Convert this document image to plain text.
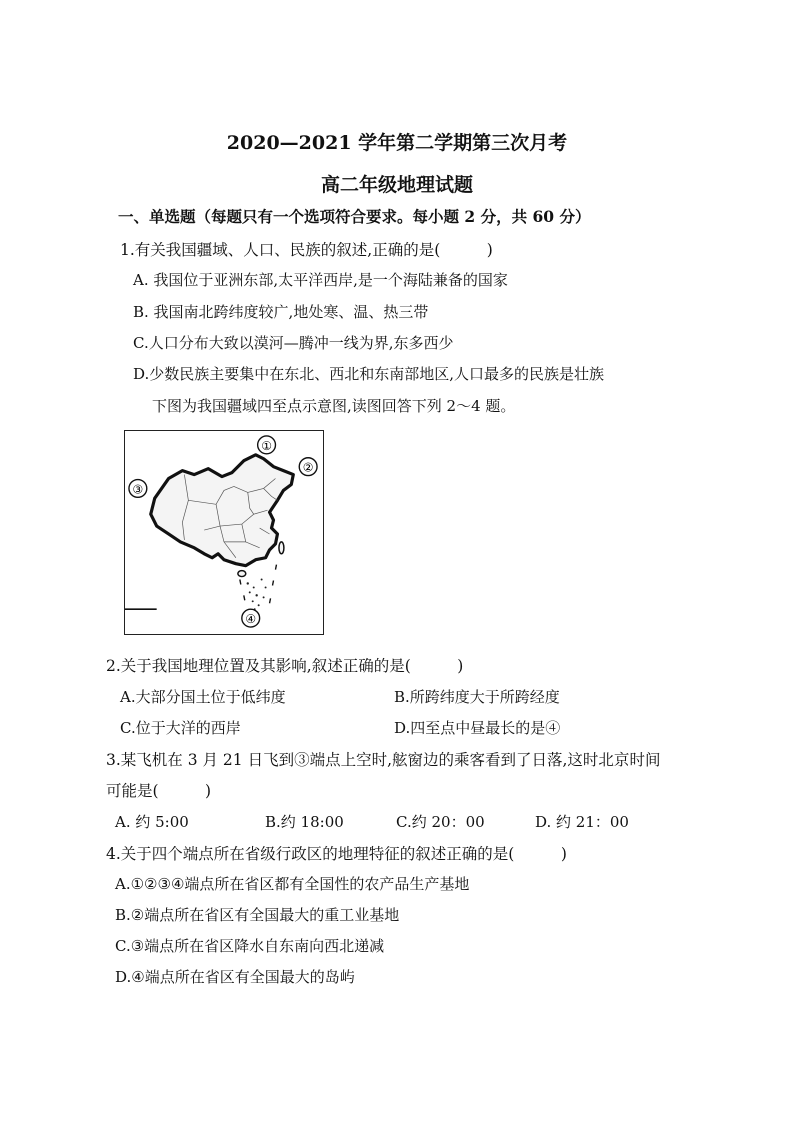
2020—2021 学年第二学期第三次月考
高二年级地理试题
一、单选题（每题只有一个选项符合要求。每小题 2 分，共 60 分）
1.有关我国疆域、人口、民族的叙述,正确的是(　　　)
A. 我国位于亚洲东部,太平洋西岸,是一个海陆兼备的国家
B. 我国南北跨纬度较广,地处寒、温、热三带
C.人口分布大致以漠河—腾冲一线为界,东多西少
D.少数民族主要集中在东北、西北和东南部地区,人口最多的民族是壮族
下图为我国疆域四至点示意图,读图回答下列 2～4 题。
①
②
③
④
2.关于我国地理位置及其影响,叙述正确的是(　　　)
A.大部分国土位于低纬度	B.所跨纬度大于所跨经度
C.位于大洋的西岸	D.四至点中昼最长的是④
3.某飞机在 3 月 21 日飞到③端点上空时,舷窗边的乘客看到了日落,这时北京时间
可能是(　　　)
A. 约 5:00	B.约 18:00	C.约 20：00	D. 约 21：00
4.关于四个端点所在省级行政区的地理特征的叙述正确的是(　　　)
A.①②③④端点所在省区都有全国性的农产品生产基地
B.②端点所在省区有全国最大的重工业基地
C.③端点所在省区降水自东南向西北递减
D.④端点所在省区有全国最大的岛屿
